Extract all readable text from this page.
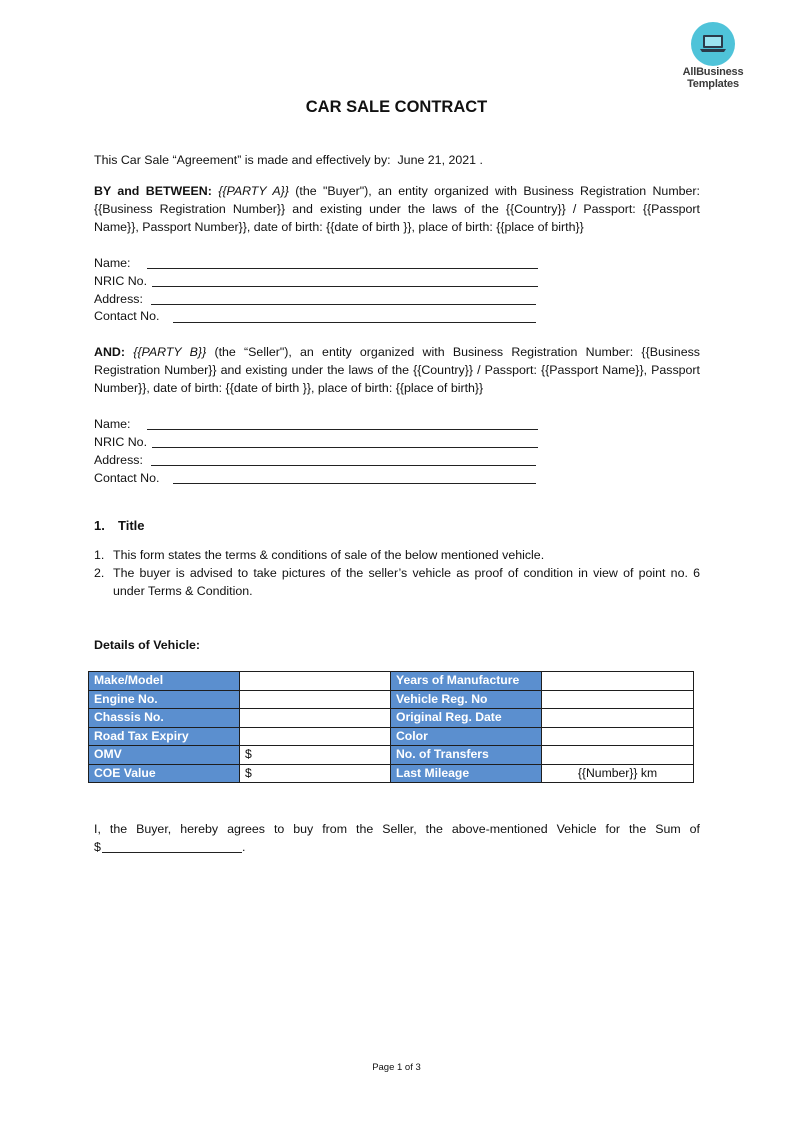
AllBusiness
Templates
CAR SALE CONTRACT

This Car Sale “Agreement” is made and effectively by: June 21, 2021 .

BY and BETWEEN: {{PARTY A}} (the "Buyer"), an entity organized with Business Registration Number: {{Business Registration Number}} and existing under the laws of the {{Country}} / Passport: {{Passport Name}}, Passport Number}}, date of birth: {{date of birth }}, place of birth: {{place of birth}}

Name:
NRIC No.
Address:
Contact No.

AND: {{PARTY B}} (the “Seller"), an entity organized with Business Registration Number: {{Business Registration Number}} and existing under the laws of the {{Country}} / Passport: {{Passport Name}}, Passport Number}}, date of birth: {{date of birth }}, place of birth: {{place of birth}}

Name:
NRIC No.
Address:
Contact No.
1. Title
1. This form states the terms & conditions of sale of the below mentioned vehicle.
2. The buyer is advised to take pictures of the seller’s vehicle as proof of condition in view of point no. 6 under Terms & Condition.
Details of Vehicle:
Make/Model		Years of Manufacture	
Engine No.		Vehicle Reg. No	
Chassis No.		Original Reg. Date	
Road Tax Expiry		Color	
OMV	$	No. of Transfers	
COE Value	$	Last Mileage	{{Number}} km

I, the Buyer, hereby agrees to buy from the Seller, the above-mentioned Vehicle for the Sum of

$	.
Page 1 of 3
